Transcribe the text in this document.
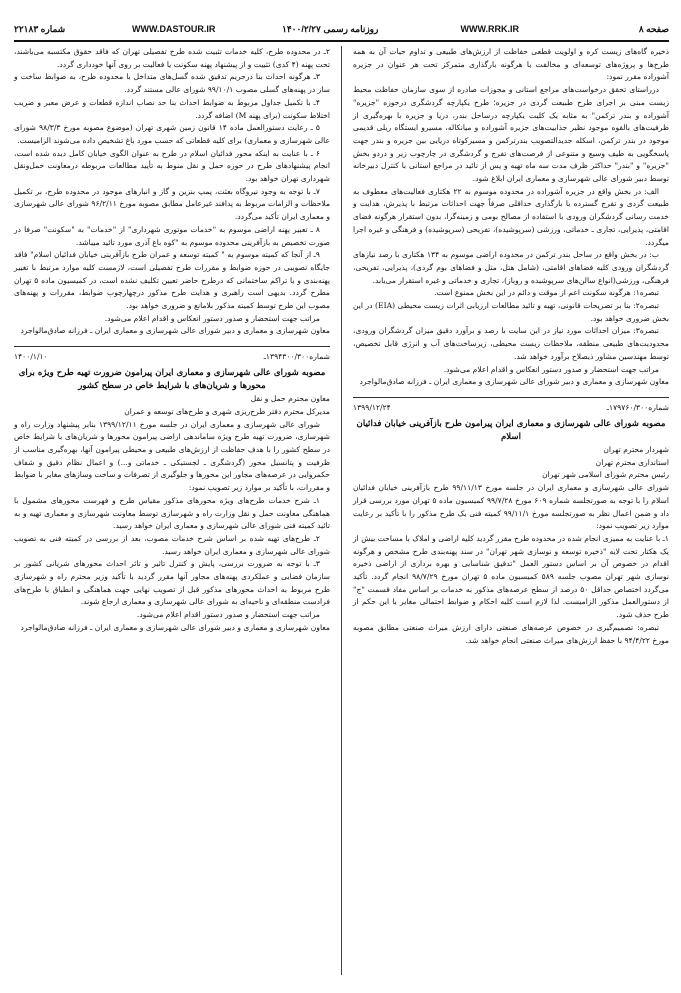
صفحه ۸
WWW.RRK.IR
روزنامه رسمی ۱۴۰۰/۲/۲۷
WWW.DASTOUR.IR
شماره ۲۲۱۸۳

ذخیره گاه‌های زیست کره و اولویت قطعی حفاظت از ارزش‌های طبیعی و تداوم حیات آن به همه طرح‌ها و پروژه‌های توسعه‌ای و مخالفت با هرگونه بارگذاری متمرکز تحت هر عنوان در جزیره آشوراده مقرر نمود:

درراستای تحقق درخواست‌های مراجع استانی و مجوزات صادره از سوی سازمان حفاظت محیط زیست مبنی بر اجرای طرح طبیعت گردی در جزیره؛ طرح یکپارچه گردشگری درحوزه "جزیره" آشوراده و بندر ترکمن" به مثابه یک کلیت یکپارچه درساحل بندر، دریا و جزیره با بهره‌گیری از ظرفیت‌های بالقوه موجود نظیر جذابیت‌های جزیره آشوراده و میانکاله، مسیرو ایستگاه ریلی قدیمی موجود در بندر ترکمن، اسکله جدیدالتصویب بندرترکمن و مسیرکوتاه دریایی بین جزیره و بندر جهت پاسخگویی به طیف وسیع و متنوعی از فرصت‌های تفرج و گردشگری در چارچوب زیر و دردو بخش "جزیره" و "بندر" حداکثر ظرف مدت سه ماه تهیه و پس از تائید در مراجع استانی با کنترل دبیرخانه توسط دبیر شورای عالی شهرسازی و معماری ایران ابلاغ شود.

الف: در بخش واقع در جزیره آشوراده در محدوده موسوم به ۲۲ هکتاری فعالیت‌های معطوف به طبیعت گردی و تفرج گسترده با بارگذاری حداقلی صرفاً جهت احداثات مرتبط با پذیرش، هدایت و خدمت رسانی گردشگران ورودی با استفاده از مصالح بومی و زمینه‌گرا، بدون استقرار هرگونه فضای اقامتی، پذیرایی، تجاری ـ خدماتی، ورزشی (سرپوشیده)، تفریحی (سرپوشیده) و فرهنگی و غیره اجرا میگردد.

ب: در بخش واقع در ساحل بندر ترکمن در محدوده اراضی موسوم به ۱۳۴ هکتاری با رصد نیازهای گردشگران ورودی کلیه فضاهای اقامتی، (شامل هتل، متل و فضاهای بوم گردی)، پذیرایی، تفریحی، فرهنگی، ورزشی(انواع سالن‌های سرپوشیده و روباز)، تجاری و خدماتی و غیره استقرار می‌یابد.

تبصره۱: هرگونه سکونت اعم از موقت و دائم در این بخش ممنوع است.

تبصره۲: بنا بر تصریحات قانونی، تهیه و تائید مطالعات ارزیابی اثرات زیست محیطی (EIA) در این بخش ضروری خواهد بود.

تبصره۳: میزان احداثات مورد نیاز در این سایت با رصد و برآورد دقیق میزان گردشگران ورودی، محدودیت‌های طبیعی منطقه، ملاحظات زیست محیطی، زیرساخت‌های آب و انرژی قابل تخصیص، توسط مهندسین مشاور ذیصلاح برآورد خواهد شد.

مراتب جهت استحضار و صدور دستور انعکاس و اقدام اعلام می‌شود.

معاون شهرسازی و معماری و دبیر شورای عالی شهرسازی و معماری ایران ـ فرزانه صادق‌مالواجرد

شماره۱۷۹۷۶۰/۳۰۰ـ
۱۳۹۹/۱۲/۲۴

مصوبه شورای عالی شهرسازی و معماری ایران پیرامون طرح بازآفرینی خیابان فدائیان اسلام

شهردار محترم تهران

استانداری محترم تهران

رئیس محترم شورای اسلامی شهر تهران

شورای عالی شهرسازی و معماری ایران در جلسه مورخ ۹۹/۱۱/۱۳ طرح بازآفرینی خیابان فدائیان اسلام را با توجه به صورتجلسه شماره ۶۰۹ مورخ ۹۹/۷/۲۸ کمیسیون ماده ۵ تهران مورد بررسی قرار داد و ضمن اعمال نظر به صورتجلسه مورخ ۹۹/۱۱/۱ کمیته فنی یک طرح مذکور را با تأکید بر رعایت موارد زیر تصویب نمود:

۱ـ با عنایت به ممیزی انجام شده در محدوده طرح مقرر گردید کلیه اراضی و املاک با مساحت بیش از یک هکتار تحت لایه "ذخیره توسعه و نوسازی شهر تهران" در سند پهنه‌بندی طرح مشخص و هرگونه اقدام در خصوص آن بر اساس دستور العمل "تدقیق شناسایی و بهره برداری از اراضی ذخیره نوسازی شهر تهران مصوب جلسه ۵۸۹ کمیسیون ماده ۵ تهران مورخ ۹۸/۷/۲۹ انجام گردد. تأکید می‌گردد اختصاص حداقل ۵۰ درصد از سطح عرصه‌های مذکور به خدمات بر اساس مفاد قسمت "ج" از دستورالعمل مذکور الزامیست. لذا لازم است کلیه احکام و ضوابط احتمالی مغایر با این حکم از طرح حذف شود.

تبصره: تصمیم‌گیری در خصوص عرصه‌های صنعتی دارای ارزش میراث صنعتی مطابق مصوبه مورخ ۹۴/۴/۲۲ با حفظ ارزش‌های میراث صنعتی انجام خواهد شد.

۲ـ در محدوده طرح، کلیه خدمات تثبیت شده طرح تفصیلی تهران که فاقد حقوق مکتسبه می‌باشند، تحت پهنه (۴ کدی) تثبیت و از پیشنهاد پهنه سکونت یا فعالیت بر روی آنها خودداری گردد.

۳ـ هرگونه احداث بنا درحریم تدقیق شده گسل‌های متداخل با محدوده طرح، به ضوابط ساخت و ساز در پهنه‌های گسلی مصوب ۹۹/۱۰/۱ شورای عالی مستند گردد.

۴ـ با تکمیل جداول مربوط به ضوابط احداث بنا حد نصاب اندازه قطعات و عرض معبر و ضریب اختلاط سکونت (برای پهنه M) اضافه گردد.

۵ ـ رعایت دستورالعمل ماده ۱۴ قانون زمین شهری تهران (موضوع مصوبه مورخ ۹۸/۳/۳ شورای عالی شهرسازی و معماری) برای کلیه قطعاتی که حسب مورد باغ تشخیص داده می‌شوند الزامیست.

۶ ـ با عنایت به اینکه محور فدائیان اسلام در طرح به عنوان الگوی خیابان کامل دیده شده است، انجام پیشنهادهای طرح در حوزه حمل و نقل منوط به تأیید مطالعات مربوطه درمعاونت حمل‌ونقل شهرداری تهران خواهد بود.

۷ـ با توجه به وجود نیروگاه بعثت، پمپ بنزین و گاز و انبارهای موجود در محدوده طرح، بر تکمیل ملاحظات و الزامات مربوط به پدافند غیرعامل مطابق مصوبه مورخ ۹۶/۲/۱۱ شورای عالی شهرسازی و معماری ایران تأکید می‌گردد.

۸ ـ تعبیر پهنه اراضی موسوم به "خدمات موتوری شهرداری" از "خدمات" به "سکونت" صرفا در صورت تخصیص به بازآفرینی محدوده موسوم به "کوه باغ آذری مورد تائید میباشد.

۹ـ از آنجا که کمیته موسوم به " کمیته توسعه و عمران طرح بازآفرینی خیابان فدائیان اسلام" فاقد جایگاه تصویبی در حوزه ضوابط و مقررات طرح تفصیلی است، لازمست کلیه موارد مرتبط با تغییر پهنه‌بندی و یا تراکم ساختمانی که درطرح حاضر تعیین تکلیف نشده است، در کمیسیون ماده ۵ تهران مطرح گردد. بدیهی است راهبری و هدایت طرح مذکور درچهارچوب ضوابط، مقررات و پهنه‌های مصوب این طرح توسط کمیته مذکور بلامانع و ضروری خواهد بود.

مراتب جهت استحضار و صدور دستور انعکاس و اقدام اعلام می‌شود.

معاون شهرسازی و معماری و دبیر شورای عالی شهرسازی و معماری ایران ـ فرزانه صادق‌مالواجرد

شماره۱۳۹۴۳۰۰/۳۰۰ـ
۱۴۰۰/۱/۱۰

مصوبه شورای عالی شهرسازی و معماری ایران پیرامون ضرورت تهیه طرح ویژه برای محورها و شریان‌های با شرایط خاص در سطح کشور

معاون محترم حمل و نقل

مدیرکل محترم دفتر طرح‌ریزی شهری و طرح‌های توسعه و عمران

شورای عالی شهرسازی و معماری ایران در جلسه مورخ ۱۳۹۹/۱۲/۱۱ بنابر پیشنهاد وزارت راه و شهرسازی، ضرورت تهیه طرح ویژه ساماندهی اراضی پیرامون محورها و شریان‌های با شرایط خاص در سطح کشور را با هدف حفاظت از ارزش‌های طبیعی و محیطی پیرامون آنها، بهره‌گیری مناسب از ظرفیت و پتانسیل محور (گردشگری ـ لجستیکی ـ خدماتی و...) و اعمال نظام دقیق و شفاف حکمروایی در عرصه‌های مجاور این محورها و جلوگیری از تصرفات و ساخت وسازهای مغایر با ضوابط و مقررات، با تأکید بر موارد زیر تصویب نمود:

۱ـ شرح خدمات طرح‌های ویژه محورهای مذکور مقیاس طرح و فهرست محورهای مشمول با هماهنگی معاونت حمل و نقل وزارت راه و شهرسازی توسط معاونت شهرسازی و معماری تهیه و به تائید کمیته فنی شورای عالی شهرسازی و معماری ایران خواهد رسید.

۲ـ طرح‌های تهیه شده بر اساس شرح خدمات مصوب، بعد از بررسی در کمیته فنی به تصویب شورای عالی شهرسازی و معماری ایران خواهد رسید.

۳ـ با توجه به ضرورت بررسی، پایش و کنترل تاثیر و تاثر احداث محورهای شریانی کشور بر سازمان فضایی و عملکردی پهنه‌های مجاور آنها مقرر گردید با تأکید وزیر محترم راه و شهرسازی طرح مربوط به احداث محورهای مذکور قبل از تصویب نهایی جهت هماهنگی و انطباق با طرح‌های فرادست منطقه‌ای و ناحیه‌ای به شورای عالی شهرسازی و معماری ارجاع شوند.

مراتب جهت استحضار و صدور دستور اقدام اعلام می‌شود.

معاون شهرسازی و معماری و دبیر شورای عالی شهرسازی و معماری ایران ـ فرزانه صادق‌مالواجرد
